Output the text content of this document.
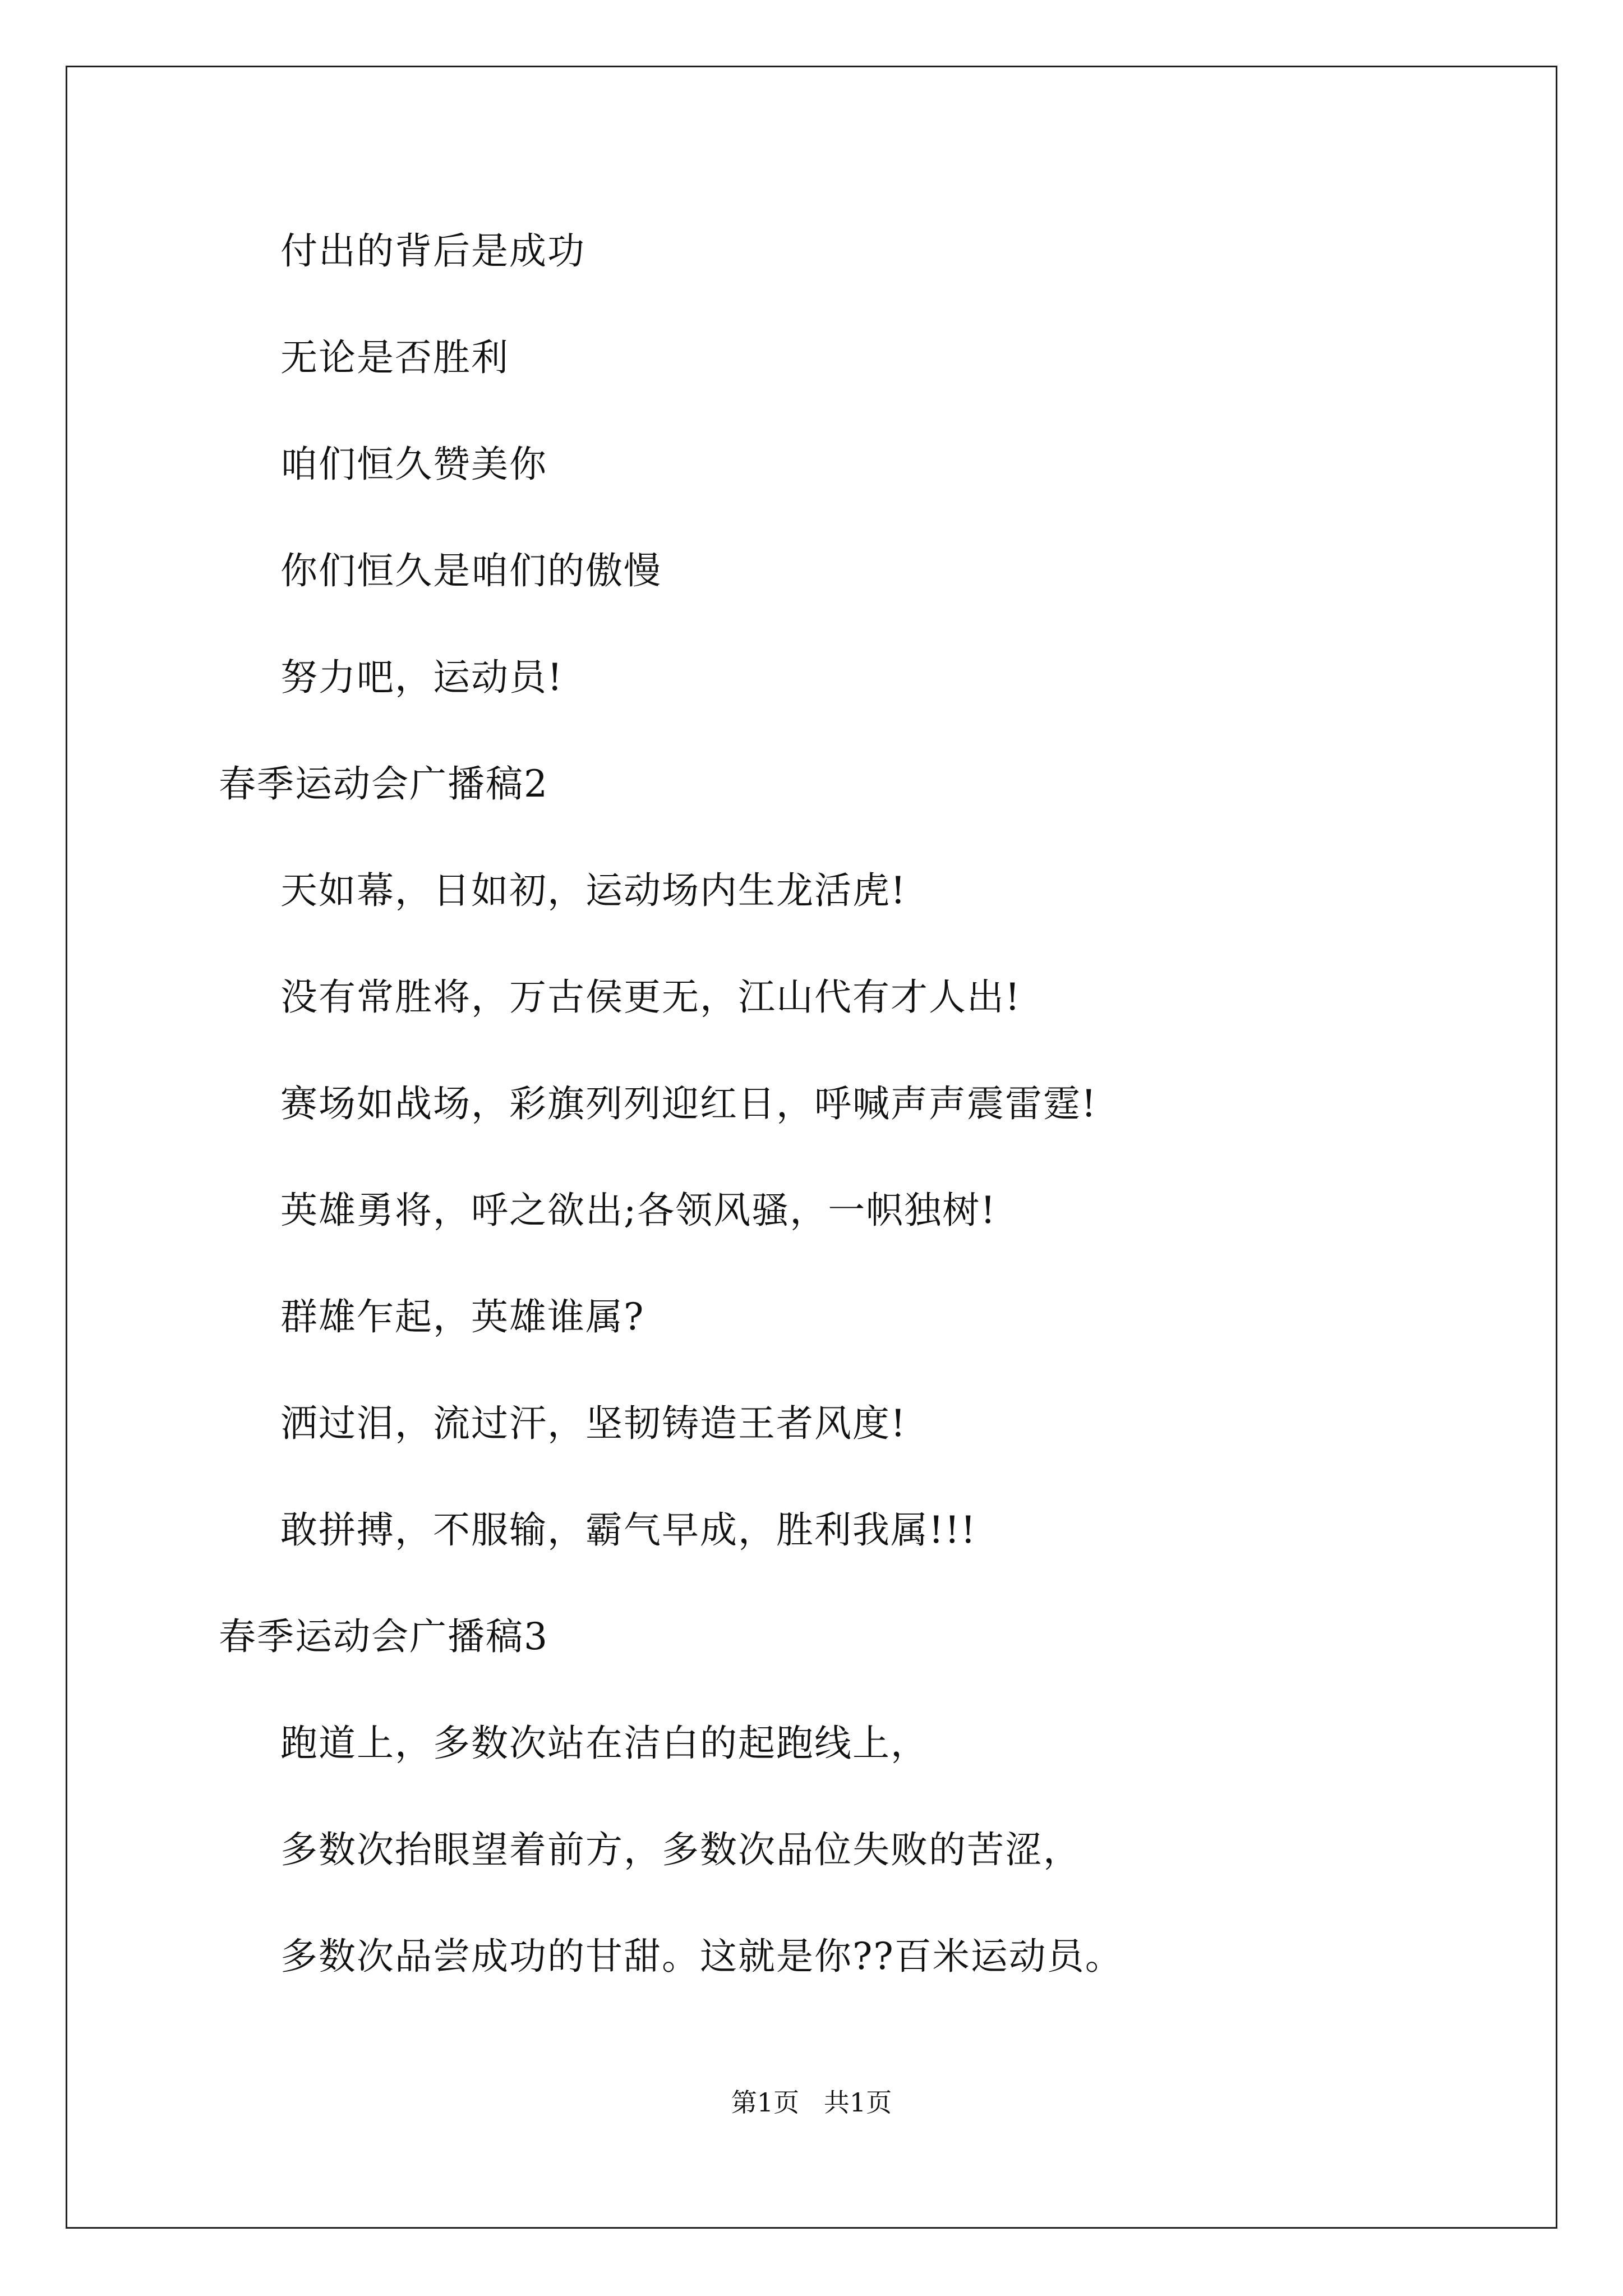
付出的背后是成功
无论是否胜利
咱们恒久赞美你
你们恒久是咱们的傲慢
努力吧，运动员!
春季运动会广播稿2
天如幕，日如初，运动场内生龙活虎!
没有常胜将，万古侯更无，江山代有才人出!
赛场如战场，彩旗列列迎红日，呼喊声声震雷霆!
英雄勇将，呼之欲出;各领风骚，一帜独树!
群雄乍起，英雄谁属?
洒过泪，流过汗，坚韧铸造王者风度!
敢拼搏，不服输，霸气早成，胜利我属!!!
春季运动会广播稿3
跑道上，多数次站在洁白的起跑线上，
多数次抬眼望着前方，多数次品位失败的苦涩，
多数次品尝成功的甘甜。这就是你??百米运动员。
第1页   共1页
